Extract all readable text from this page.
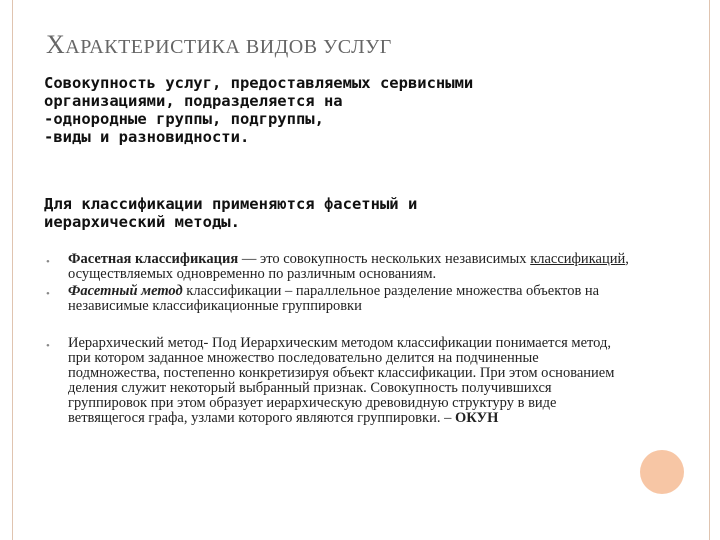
ХАРАКТЕРИСТИКА ВИДОВ УСЛУГ
Совокупность услуг, предоставляемых сервисными
организациями, подразделяется на
-однородные группы, подгруппы,
-виды и разновидности.
Для классификации применяются фасетный и
иерархический методы.
• Фасетная классификация — это совокупность нескольких независимых классификаций, осуществляемых одновременно по различным основаниям.
• Фасетный метод классификации – параллельное разделение множества объектов на независимые классификационные группировки
• Иерархический метод- Под Иерархическим методом классификации понимается метод, при котором заданное множество последовательно делится на подчиненные подмножества, постепенно конкретизируя объект классификации. При этом основанием деления служит некоторый выбранный признак. Совокупность получившихся группировок при этом образует иерархическую древовидную структуру в виде ветвящегося графа, узлами которого являются группировки. – ОКУН
